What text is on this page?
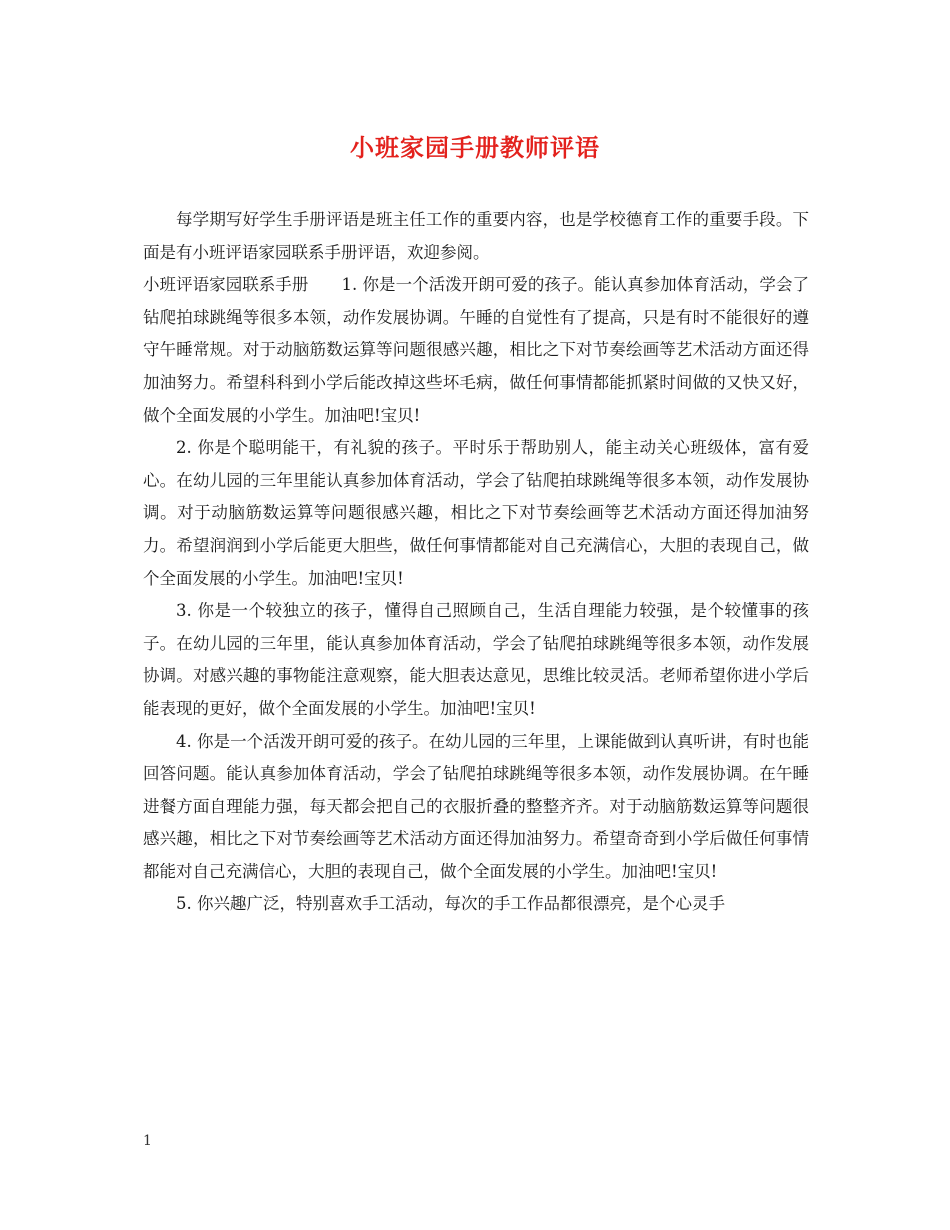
小班家园手册教师评语

每学期写好学生手册评语是班主任工作的重要内容，也是学校德育工作的重要手段。下面是有小班评语家园联系手册评语，欢迎参阅。

小班评语家园联系手册　　1. 你是一个活泼开朗可爱的孩子。能认真参加体育活动，学会了钻爬拍球跳绳等很多本领，动作发展协调。午睡的自觉性有了提高，只是有时不能很好的遵守午睡常规。对于动脑筋数运算等问题很感兴趣，相比之下对节奏绘画等艺术活动方面还得加油努力。希望科科到小学后能改掉这些坏毛病，做任何事情都能抓紧时间做的又快又好，做个全面发展的小学生。加油吧!宝贝!

2. 你是个聪明能干，有礼貌的孩子。平时乐于帮助别人，能主动关心班级体，富有爱心。在幼儿园的三年里能认真参加体育活动，学会了钻爬拍球跳绳等很多本领，动作发展协调。对于动脑筋数运算等问题很感兴趣，相比之下对节奏绘画等艺术活动方面还得加油努力。希望润润到小学后能更大胆些，做任何事情都能对自己充满信心，大胆的表现自己，做个全面发展的小学生。加油吧!宝贝!

3. 你是一个较独立的孩子，懂得自己照顾自己，生活自理能力较强，是个较懂事的孩子。在幼儿园的三年里，能认真参加体育活动，学会了钻爬拍球跳绳等很多本领，动作发展协调。对感兴趣的事物能注意观察，能大胆表达意见，思维比较灵活。老师希望你进小学后能表现的更好，做个全面发展的小学生。加油吧!宝贝!

4. 你是一个活泼开朗可爱的孩子。在幼儿园的三年里，上课能做到认真听讲，有时也能回答问题。能认真参加体育活动，学会了钻爬拍球跳绳等很多本领，动作发展协调。在午睡进餐方面自理能力强，每天都会把自己的衣服折叠的整整齐齐。对于动脑筋数运算等问题很感兴趣，相比之下对节奏绘画等艺术活动方面还得加油努力。希望奇奇到小学后做任何事情都能对自己充满信心，大胆的表现自己，做个全面发展的小学生。加油吧!宝贝!

5. 你兴趣广泛，特别喜欢手工活动，每次的手工作品都很漂亮，是个心灵手

1
